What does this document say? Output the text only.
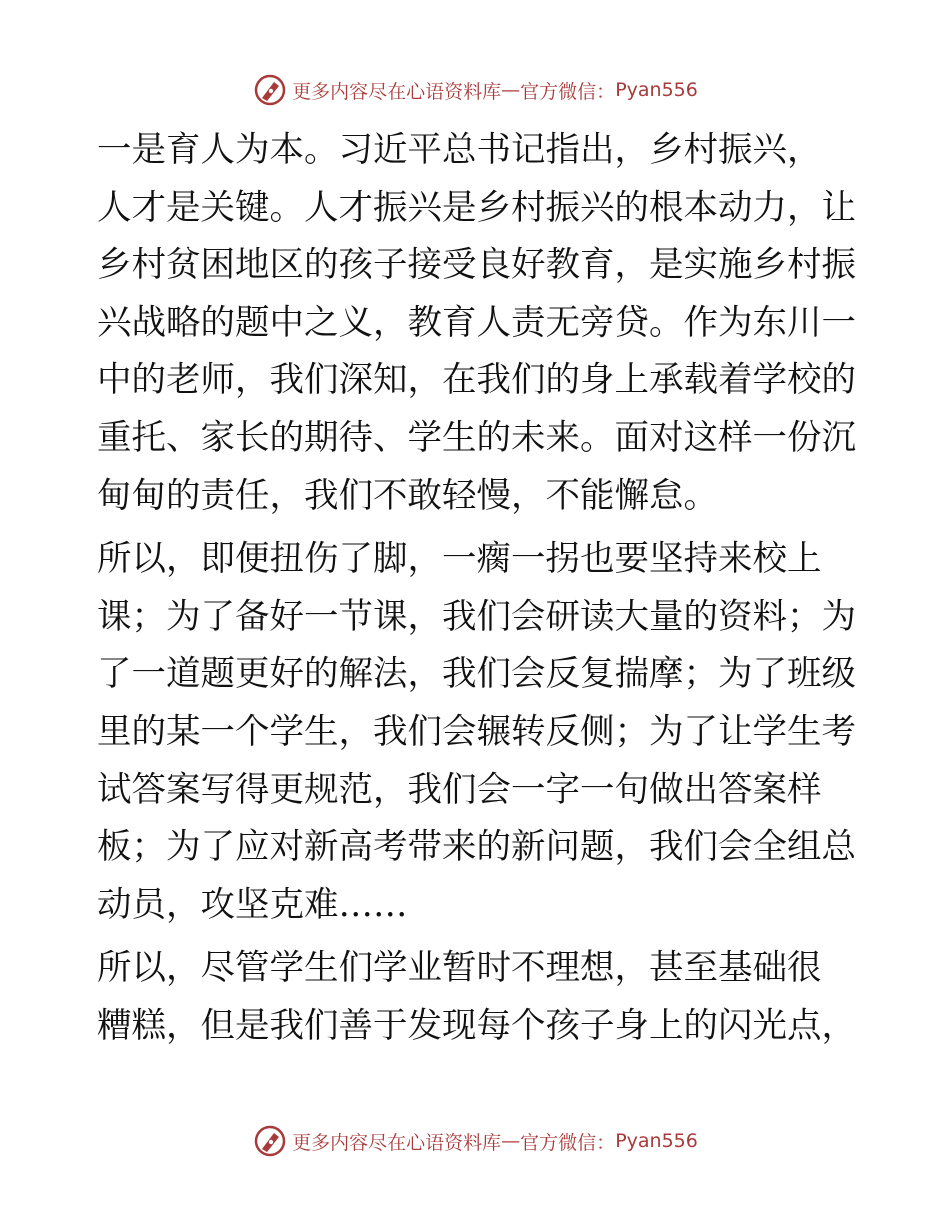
更多内容尽在心语资料库 — 官方微信： Pyan556
一是育人为本。习近平总书记指出，乡村振兴，
人才是关键。人才振兴是乡村振兴的根本动力，让
乡村贫困地区的孩子接受良好教育，是实施乡村振
兴战略的题中之义，教育人责无旁贷。作为东川一
中的老师，我们深知，在我们的身上承载着学校的
重托、家长的期待、学生的未来。面对这样一份沉
甸甸的责任，我们不敢轻慢，不能懈怠。
所以，即便扭伤了脚，一瘸一拐也要坚持来校上
课；为了备好一节课，我们会研读大量的资料；为
了一道题更好的解法，我们会反复揣摩；为了班级
里的某一个学生，我们会辗转反侧；为了让学生考
试答案写得更规范，我们会一字一句做出答案样
板；为了应对新高考带来的新问题，我们会全组总
动员，攻坚克难……
所以，尽管学生们学业暂时不理想，甚至基础很
糟糕，但是我们善于发现每个孩子身上的闪光点，
更多内容尽在心语资料库 — 官方微信： Pyan556
